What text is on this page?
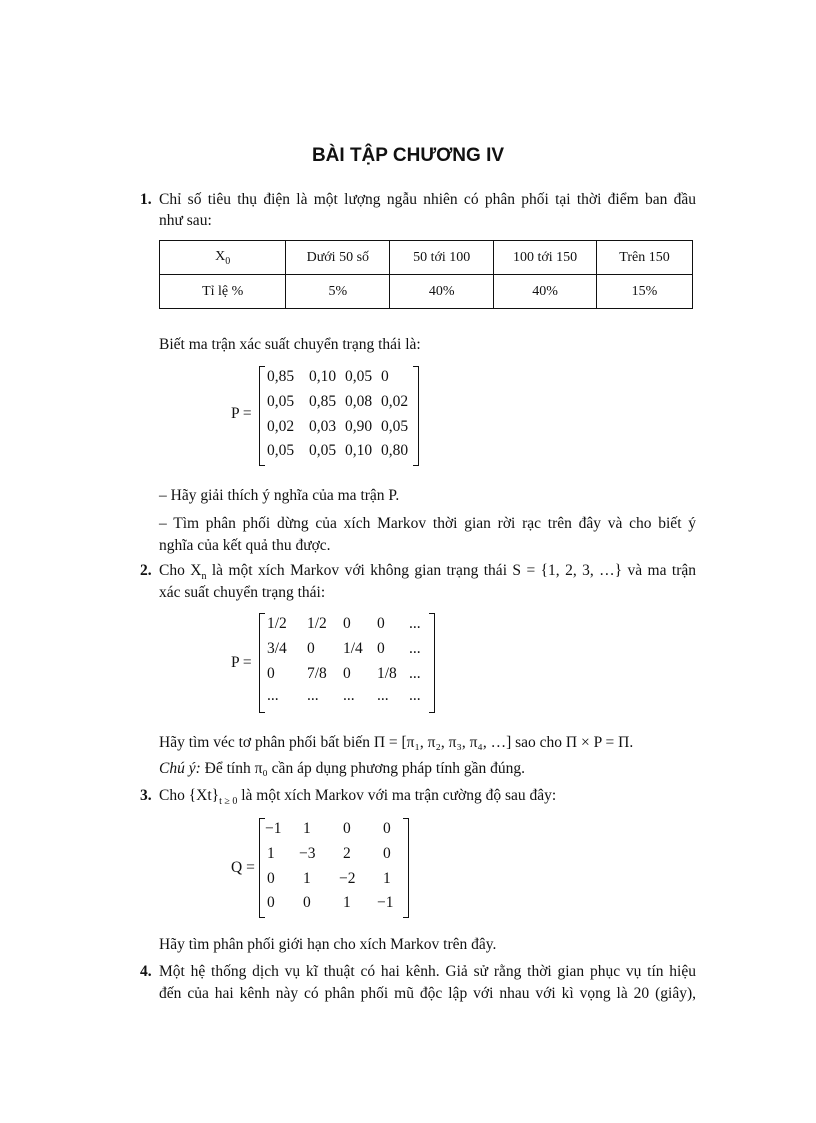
BÀI TẬP CHƯƠNG IV
1. Chỉ số tiêu thụ điện là một lượng ngẫu nhiên có phân phối tại thời điểm ban đầu
như sau:
$X_0$	Dưới 50 số	50 tới 100	100 tới 150	Trên 150
Tỉ lệ %	5%	40%	40%	15%
Biết ma trận xác suất chuyển trạng thái là:
P =
0,85 0,10 0,05 0
0,05 0,85 0,08 0,02
0,02 0,03 0,90 0,05
0,05 0,05 0,10 0,80
– Hãy giải thích ý nghĩa của ma trận P.
– Tìm phân phối dừng của xích Markov thời gian rời rạc trên đây và cho biết ý
nghĩa của kết quả thu được.
2. Cho $X_n$ là một xích Markov với không gian trạng thái S = {1, 2, 3, …} và ma trận
xác suất chuyển trạng thái:
P =
1/2 1/2 0 0 ...
3/4 0 1/4 0 ...
0 7/8 0 1/8 ...
... ... ... ... ...
Hãy tìm véc tơ phân phối bất biến Π = [π₁, π₂, π₃, π₄, …] sao cho Π × P = Π.
Chú ý: Để tính π₀ cần áp dụng phương pháp tính gần đúng.
3. Cho $\{Xt\}_{t \ge 0}$ là một xích Markov với ma trận cường độ sau đây:
Q =
−1 1 0 0
1 −3 2 0
0 1 −2 1
0 0 1 −1
Hãy tìm phân phối giới hạn cho xích Markov trên đây.
4. Một hệ thống dịch vụ kĩ thuật có hai kênh. Giả sử rằng thời gian phục vụ tín hiệu
đến của hai kênh này có phân phối mũ độc lập với nhau với kì vọng là 20 (giây),
